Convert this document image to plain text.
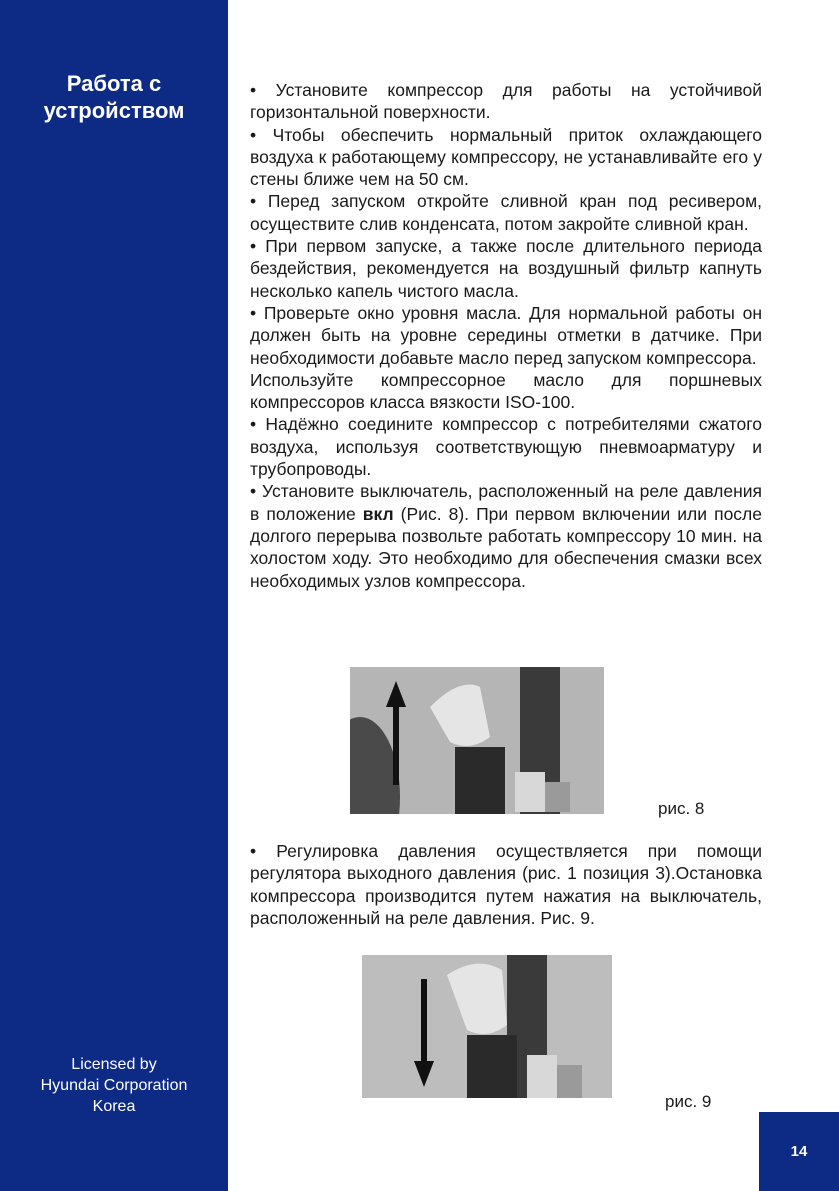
Работа с
устройством
Licensed by
Hyundai Corporation
Korea
14

• Установите компрессор для работы на устойчивой горизонтальной поверхности.

• Чтобы обеспечить нормальный приток охлаждающего воздуха к работающему компрессору, не устанавливайте его у стены ближе чем на 50 см.

• Перед запуском откройте сливной кран под ресивером, осуществите слив конденсата, потом закройте сливной кран.

• При первом запуске, а также после длительного периода бездействия, рекомендуется на воздушный фильтр капнуть несколько капель чистого масла.

• Проверьте окно уровня масла. Для нормальной работы он должен быть на уровне середины отметки в датчике. При необходимости добавьте масло перед запуском компрессора.

Используйте компрессорное масло для поршневых компрессоров класса вязкости ISO-100.

• Надёжно соедините компрессор с потребителями сжатого воздуха, используя соответствующую пневмоарматуру и трубопроводы.

• Установите выключатель, расположенный на реле давления в положение вкл (Рис. 8). При первом включении или после долгого перерыва позвольте работать компрессору 10 мин. на холостом ходу. Это необходимо для обеспечения смазки всех необходимых узлов компрессора.

рис. 8

• Регулировка давления осуществляется при помощи регулятора выходного давления (рис. 1 позиция 3).Остановка компрессора производится путем нажатия на выключатель, расположенный на реле давления. Рис. 9.

рис. 9
